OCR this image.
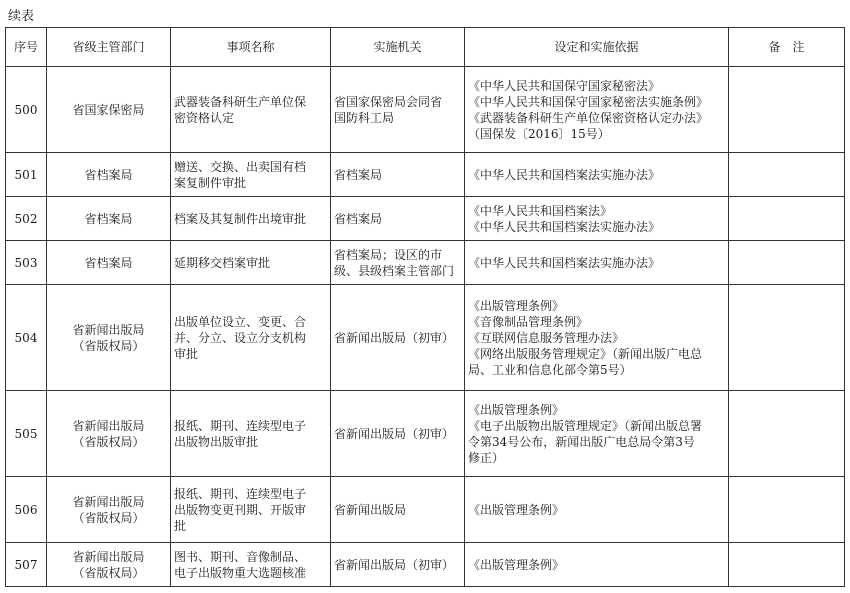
续表
序号	省级主管部门	事项名称	实施机关	设定和实施依据	备　注
500	省国家保密局	武器装备科研生产单位保
密资格认定	省国家保密局会同省
国防科工局	《中华人民共和国保守国家秘密法》
《中华人民共和国保守国家秘密法实施条例》
《武器装备科研生产单位保密资格认定办法》
（国保发〔2016〕15号）	

501	省档案局	赠送、交换、出卖国有档
案复制件审批	省档案局	《中华人民共和国档案法实施办法》	

502	省档案局	档案及其复制件出境审批	省档案局	《中华人民共和国档案法》
《中华人民共和国档案法实施办法》	

503	省档案局	延期移交档案审批	省档案局；设区的市
级、县级档案主管部门	《中华人民共和国档案法实施办法》	

504	省新闻出版局
（省版权局）	出版单位设立、变更、合
并、分立、设立分支机构
审批	省新闻出版局（初审）	《出版管理条例》
《音像制品管理条例》
《互联网信息服务管理办法》
《网络出版服务管理规定》（新闻出版广电总
局、工业和信息化部令第5号）	

505	省新闻出版局
（省版权局）	报纸、期刊、连续型电子
出版物出版审批	省新闻出版局（初审）	《出版管理条例》
《电子出版物出版管理规定》（新闻出版总署
令第34号公布，新闻出版广电总局令第3号
修正）	

506	省新闻出版局
（省版权局）	报纸、期刊、连续型电子
出版物变更刊期、开版审
批	省新闻出版局	《出版管理条例》	

507	省新闻出版局
（省版权局）	图书、期刊、音像制品、
电子出版物重大选题核准	省新闻出版局（初审）	《出版管理条例》	
